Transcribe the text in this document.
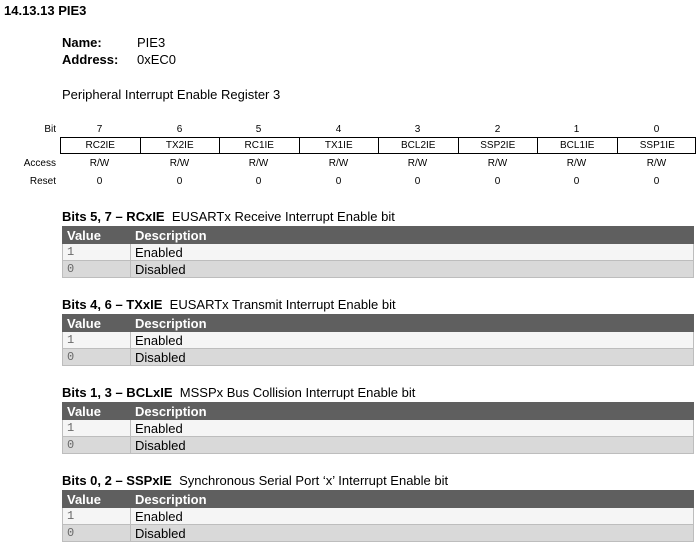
14.13.13 PIE3
Name:	PIE3
Address: 0xEC0
Peripheral Interrupt Enable Register 3
Bit	7	6	5	4	3	2	1	0
RC2IE	TX2IE	RC1IE	TX1IE	BCL2IE	SSP2IE	BCL1IE	SSP1IE
Access	R/W	R/W	R/W	R/W	R/W	R/W	R/W	R/W
Reset	0	0	0	0	0	0	0	0
Bits 5, 7 – RCxIE EUSARTx Receive Interrupt Enable bit
Value	Description
1	Enabled
0	Disabled
Bits 4, 6 – TXxIE EUSARTx Transmit Interrupt Enable bit
Value	Description
1	Enabled
0	Disabled
Bits 1, 3 – BCLxIE MSSPx Bus Collision Interrupt Enable bit
Value	Description
1	Enabled
0	Disabled
Bits 0, 2 – SSPxIE Synchronous Serial Port ‘x’ Interrupt Enable bit
Value	Description
1	Enabled
0	Disabled
